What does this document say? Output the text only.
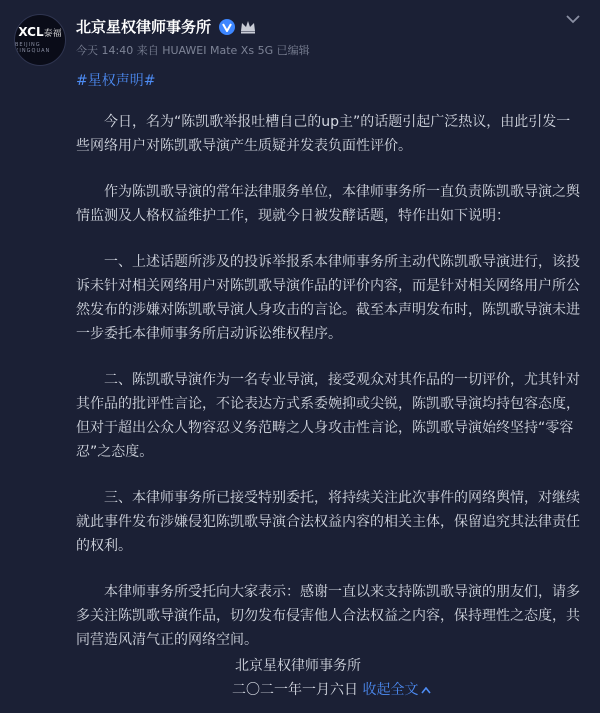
XCL泰福
BEIJING XINGQUAN
北京星权律师事务所
今天 14:40 来自 HUAWEI Mate Xs 5G 已编辑
#星权声明#

今日，名为“陈凯歌举报吐槽自己的up主”的话题引起广泛热议，由此引发一些网络用户对陈凯歌导演产生质疑并发表负面性评价。

作为陈凯歌导演的常年法律服务单位，本律师事务所一直负责陈凯歌导演之舆情监测及人格权益维护工作，现就今日被发酵话题，特作出如下说明：

一、上述话题所涉及的投诉举报系本律师事务所主动代陈凯歌导演进行，该投诉未针对相关网络用户对陈凯歌导演作品的评价内容，而是针对相关网络用户所公然发布的涉嫌对陈凯歌导演人身攻击的言论。截至本声明发布时，陈凯歌导演未进一步委托本律师事务所启动诉讼维权程序。

二、陈凯歌导演作为一名专业导演，接受观众对其作品的一切评价，尤其针对其作品的批评性言论，不论表达方式系委婉抑或尖锐，陈凯歌导演均持包容态度，但对于超出公众人物容忍义务范畴之人身攻击性言论，陈凯歌导演始终坚持“零容忍”之态度。

三、本律师事务所已接受特别委托，将持续关注此次事件的网络舆情，对继续就此事件发布涉嫌侵犯陈凯歌导演合法权益内容的相关主体，保留追究其法律责任的权利。

本律师事务所受托向大家表示：感谢一直以来支持陈凯歌导演的朋友们，请多多关注陈凯歌导演作品，切勿发布侵害他人合法权益之内容，保持理性之态度，共同营造风清气正的网络空间。

北京星权律师事务所
二〇二一年一月六日 收起全文
